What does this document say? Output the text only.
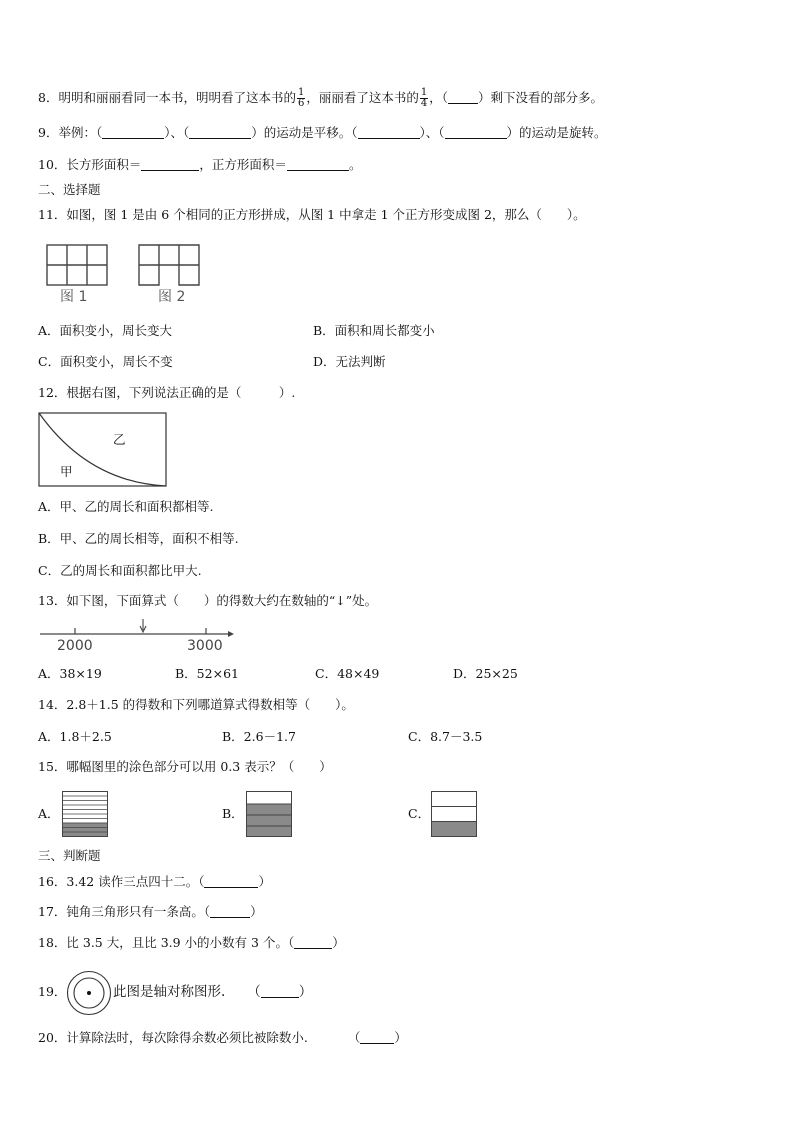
8．明明和丽丽看同一本书，明明看了这本书的 $\frac{1}{6}$ ，丽丽看了这本书的 $\frac{1}{4}$ ，（ ）剩下没看的部分多。
9．举例：（	）、（	）的运动是平移。（	）、（	）的运动是旋转。
10．长方形面积＝	，正方形面积＝	。
二、选择题
11．如图，图 1 是由 6 个相同的正方形拼成，从图 1 中拿走 1 个正方形变成图 2，那么（　　）。
图 1	图 2
A．面积变小，周长变大	B．面积和周长都变小
C．面积变小，周长不变	D．无法判断
12．根据右图，下列说法正确的是（　　　）.
乙
甲
A．甲、乙的周长和面积都相等.
B．甲、乙的周长相等，面积不相等.
C．乙的周长和面积都比甲大.
13．如下图，下面算式（　　）的得数大约在数轴的“↓”处。
2000	3000
A．38×19	B．52×61	C．48×49	D．25×25
14．2.8＋1.5 的得数和下列哪道算式得数相等（　　）。
A．1.8＋2.5	B．2.6－1.7	C．8.7－3.5
15．哪幅图里的涂色部分可以用 0.3 表示？（　　）
A．	B．	C．
三、判断题
16．3.42 读作三点四十二。（	）
17．钝角三角形只有一条高。（	）
18．比 3.5 大，且比 3.9 小的小数有 3 个。（	）
19．	此图是轴对称图形. （	）
20．计算除法时，每次除得余数必须比被除数小.	（	）
